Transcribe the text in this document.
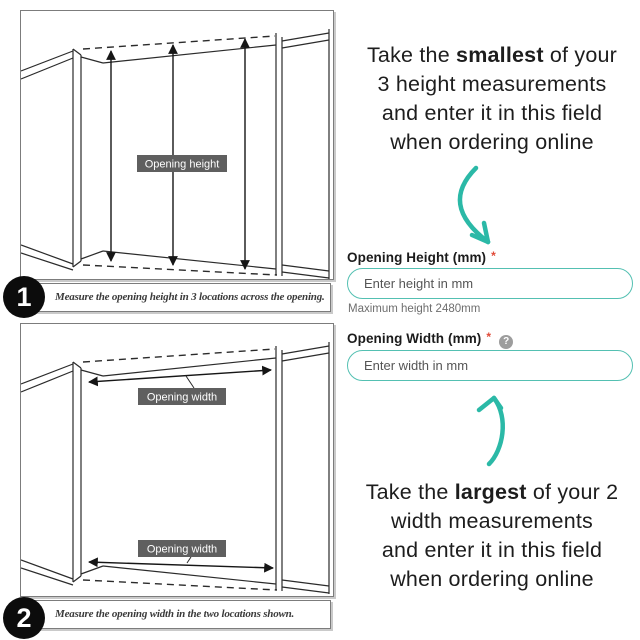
Opening height
Measure the opening height in 3 locations across the opening.
1
Opening width
Opening width
Measure the opening width in the two locations shown.
2
Take the smallest of your
3 height measurements
and enter it in this field
when ordering online
Opening Height (mm) *
Enter height in mm
Maximum height 2480mm
Opening Width (mm) * ?
Enter width in mm
Take the largest of your 2
width measurements
and enter it in this field
when ordering online
